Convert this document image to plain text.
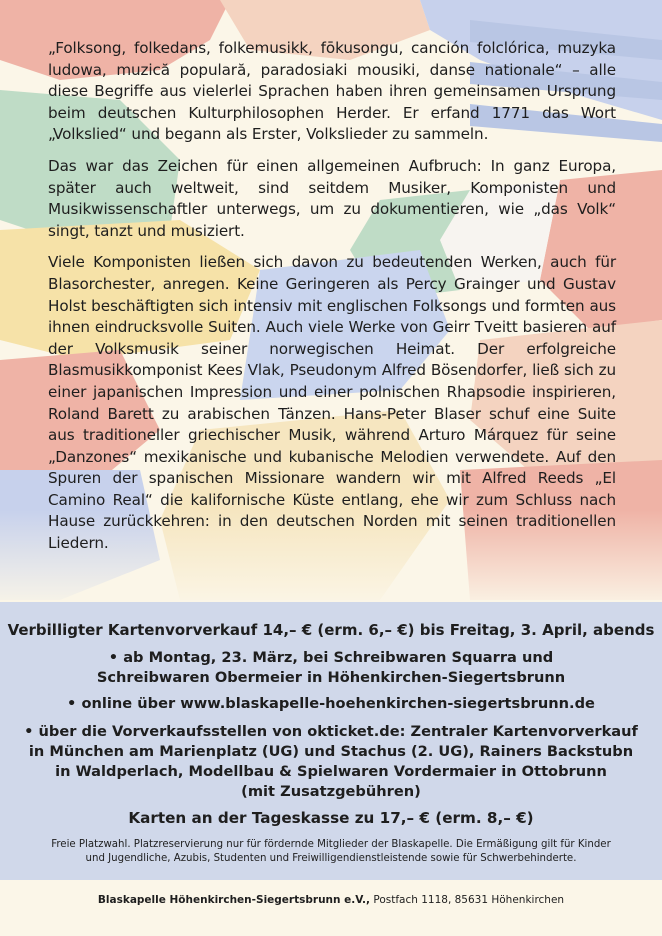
„Folksong, folkedans, folkemusikk, fōkusongu, canción folclórica, muzyka ludowa, muzică populară, paradosiaki mousiki, danse nationale“ – alle diese Begriffe aus vielerlei Sprachen haben ihren gemeinsamen Ursprung beim deutschen Kulturphilosophen Herder. Er erfand 1771 das Wort „Volkslied“ und begann als Erster, Volkslieder zu sammeln.

Das war das Zeichen für einen allgemeinen Aufbruch: In ganz Europa, später auch weltweit, sind seitdem Musiker, Komponisten und Musikwissenschaftler unterwegs, um zu dokumentieren, wie „das Volk“ singt, tanzt und musiziert.

Viele Komponisten ließen sich davon zu bedeutenden Werken, auch für Blasorchester, anregen. Keine Geringeren als Percy Grainger und Gustav Holst beschäftigten sich intensiv mit englischen Folksongs und formten aus ihnen eindrucksvolle Suiten. Auch viele Werke von Geirr Tveitt basieren auf der Volksmusik seiner norwegischen Heimat. Der erfolgreiche Blasmusikkomponist Kees Vlak, Pseudonym Alfred Bösendorfer, ließ sich zu einer japanischen Impression und einer polnischen Rhapsodie inspirieren, Roland Barett zu arabischen Tänzen. Hans-Peter Blaser schuf eine Suite aus traditioneller griechischer Musik, während Arturo Márquez für seine „Danzones“ mexikanische und kubanische Melodien verwendete. Auf den Spuren der spanischen Missionare wandern wir mit Alfred Reeds „El Camino Real“ die kalifornische Küste entlang, ehe wir zum Schluss nach Hause zurückkehren: in den deutschen Norden mit seinen traditionellen Liedern.

Verbilligter Kartenvorverkauf 14,– € (erm. 6,– €) bis Freitag, 3. April, abends
• ab Montag, 23. März, bei Schreibwaren Squarra und
Schreibwaren Obermeier in Höhenkirchen-Siegertsbrunn
• online über www.blaskapelle-hoehenkirchen-siegertsbrunn.de
• über die Vorverkaufsstellen von okticket.de: Zentraler Kartenvorverkauf
in München am Marienplatz (UG) und Stachus (2. UG), Rainers Backstubn
in Waldperlach, Modellbau & Spielwaren Vordermaier in Ottobrunn
(mit Zusatzgebühren)
Karten an der Tageskasse zu 17,– € (erm. 8,– €)
Freie Platzwahl. Platzreservierung nur für fördernde Mitglieder der Blaskapelle. Die Ermäßigung gilt für Kinder
und Jugendliche, Azubis, Studenten und Freiwilligendienstleistende sowie für Schwerbehinderte.
Blaskapelle Höhenkirchen-Siegertsbrunn e.V., Postfach 1118, 85631 Höhenkirchen
